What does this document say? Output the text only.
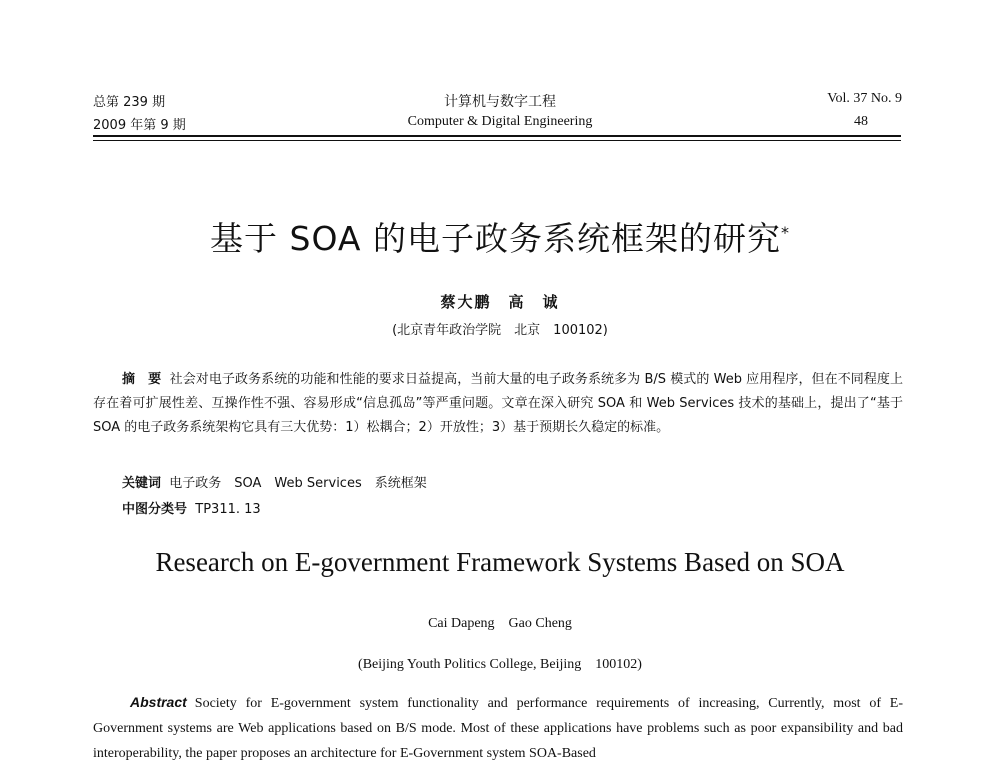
总第 239 期
2009 年第 9 期
计算机与数字工程
Computer & Digital Engineering
Vol. 37 No. 9
48
基于 SOA 的电子政务系统框架的研究*
蔡大鹏　高　诚
(北京青年政治学院　北京　100102)
摘　要 社会对电子政务系统的功能和性能的要求日益提高，当前大量的电子政务系统多为 B/S 模式的 Web 应用程序，但在不同程度上存在着可扩展性差、互操作性不强、容易形成“信息孤岛”等严重问题。文章在深入研究 SOA 和 Web Services 技术的基础上，提出了“基于 SOA 的电子政务系统架构它具有三大优势：1）松耦合；2）开放性；3）基于预期长久稳定的标准。
关键词 电子政务　SOA　Web Services　系统框架
中图分类号 TP311. 13
Research on E-government Framework Systems Based on SOA
Cai Dapeng　Gao Cheng
(Beijing Youth Politics College, Beijing　100102)
Abstract Society for E-government system functionality and performance requirements of increasing, Currently, most of E-Government systems are Web applications based on B/S mode. Most of these applications have problems such as poor expansibility and bad interoperability, the paper proposes an architecture for E-Government system SOA-Based
